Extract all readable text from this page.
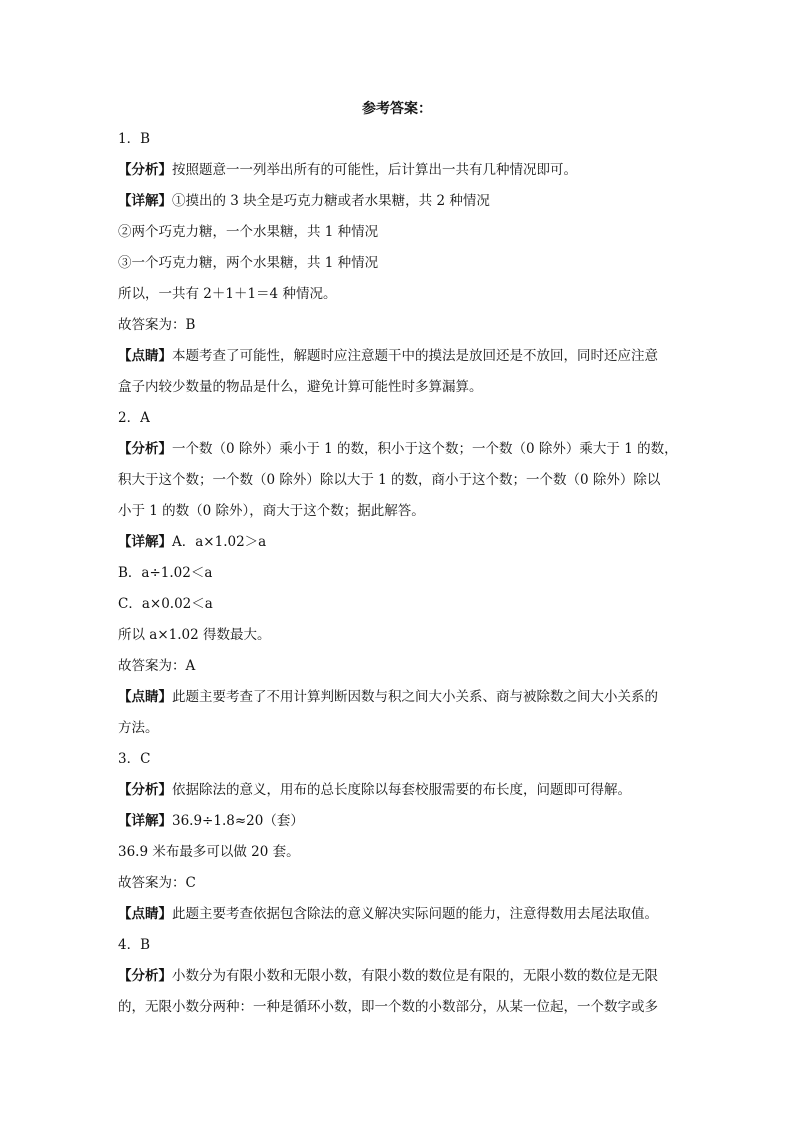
参考答案：
1．B
【分析】按照题意一一列举出所有的可能性，后计算出一共有几种情况即可。
【详解】①摸出的 3 块全是巧克力糖或者水果糖，共 2 种情况
②两个巧克力糖，一个水果糖，共 1 种情况
③一个巧克力糖，两个水果糖，共 1 种情况
所以，一共有 2＋1＋1＝4 种情况。
故答案为：B
【点睛】本题考查了可能性，解题时应注意题干中的摸法是放回还是不放回，同时还应注意
盒子内较少数量的物品是什么，避免计算可能性时多算漏算。
2．A
【分析】一个数（0 除外）乘小于 1 的数，积小于这个数；一个数（0 除外）乘大于 1 的数，
积大于这个数；一个数（0 除外）除以大于 1 的数，商小于这个数；一个数（0 除外）除以
小于 1 的数（0 除外），商大于这个数；据此解答。
【详解】A．a×1.02＞a
B．a÷1.02＜a
C．a×0.02＜a
所以 a×1.02 得数最大。
故答案为：A
【点睛】此题主要考查了不用计算判断因数与积之间大小关系、商与被除数之间大小关系的
方法。
3．C
【分析】依据除法的意义，用布的总长度除以每套校服需要的布长度，问题即可得解。
【详解】36.9÷1.8≈20（套）
36.9 米布最多可以做 20 套。
故答案为：C
【点睛】此题主要考查依据包含除法的意义解决实际问题的能力，注意得数用去尾法取值。
4．B
【分析】小数分为有限小数和无限小数，有限小数的数位是有限的，无限小数的数位是无限
的，无限小数分两种：一种是循环小数，即一个数的小数部分，从某一位起，一个数字或多
